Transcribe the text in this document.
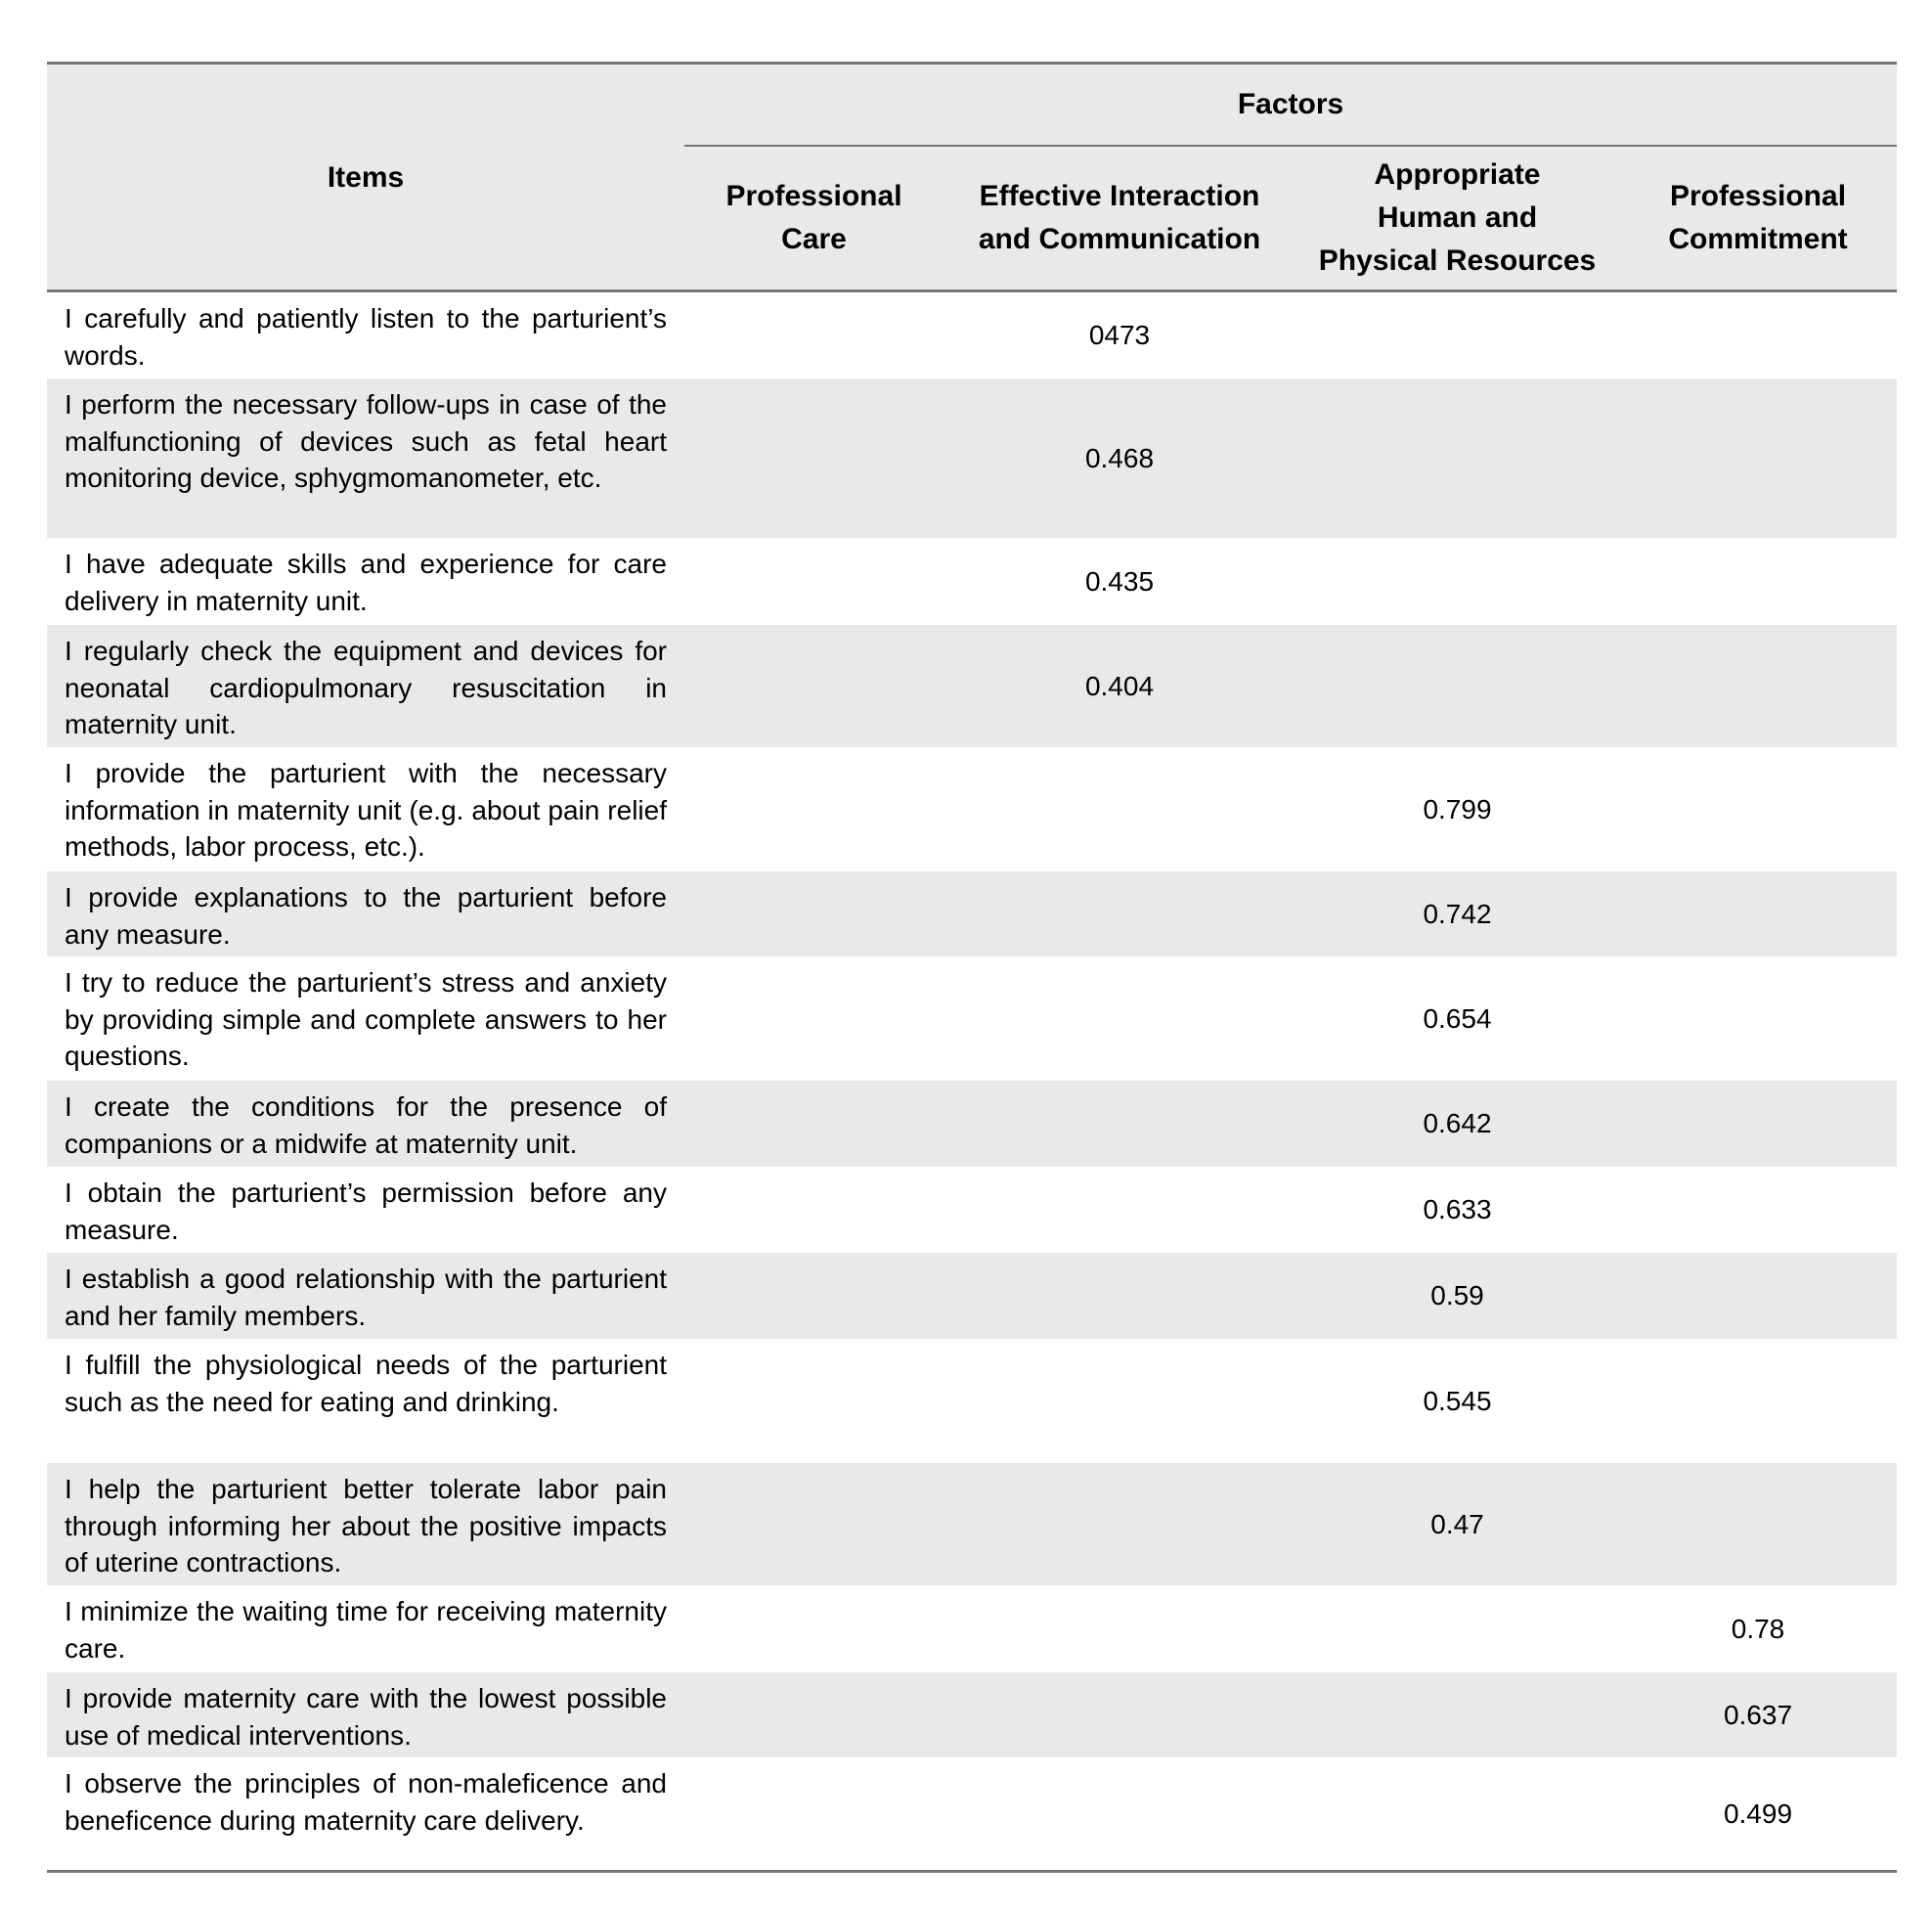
Items
Factors
Professional
Care
Effective Interaction
and Communication
Appropriate
Human and
Physical Resources
Professional
Commitment
I carefully and patiently listen to the parturient’s words.
0473
I perform the necessary follow-ups in case of the malfunctioning of devices such as fetal heart monitoring device, sphygmomanometer, etc.
0.468
I have adequate skills and experience for care delivery in maternity unit.
0.435
I regularly check the equipment and devices for neonatal cardiopulmonary resuscitation in maternity unit.
0.404
I provide the parturient with the necessary information in maternity unit (e.g. about pain relief methods, labor process, etc.).
0.799
I provide explanations to the parturient before any measure.
0.742
I try to reduce the parturient’s stress and anxiety by providing simple and complete answers to her questions.
0.654
I create the conditions for the presence of companions or a midwife at maternity unit.
0.642
I obtain the parturient’s permission before any measure.
0.633
I establish a good relationship with the parturient and her family members.
0.59
I fulfill the physiological needs of the parturient such as the need for eating and drinking.	0.545
I help the parturient better tolerate labor pain through informing her about the positive impacts of uterine contractions.
0.47
I minimize the waiting time for receiving maternity care.
0.78
I provide maternity care with the lowest possible use of medical interventions.
0.637
I observe the principles of non-maleficence and beneficence during maternity care delivery.	0.499
